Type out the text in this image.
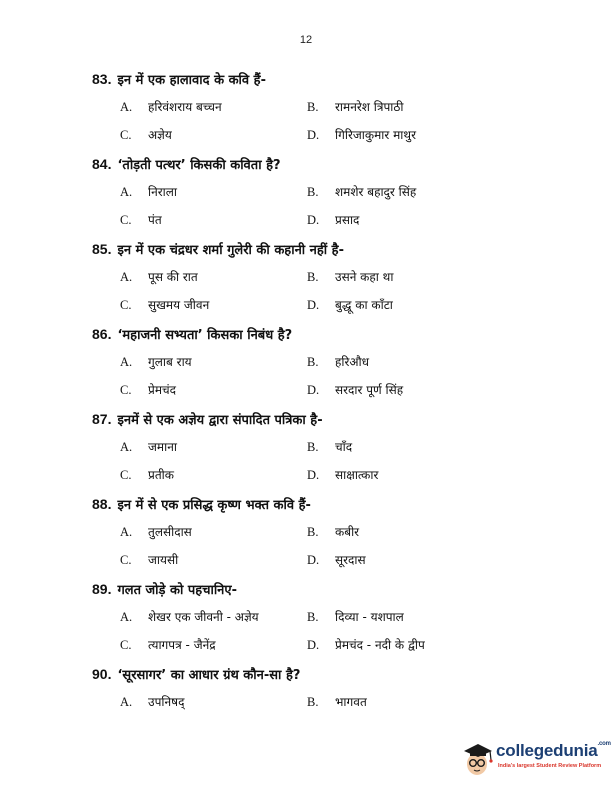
12
83. इन में एक हालावाद के कवि हैं-
A. हरिवंशराय बच्चन	B. रामनरेश त्रिपाठी
C. अज्ञेय	D. गिरिजाकुमार माथुर
84. ‘तोड़ती पत्थर’ किसकी कविता है?
A. निराला	B. शमशेर बहादुर सिंह
C. पंत	D. प्रसाद
85. इन में एक चंद्रधर शर्मा गुलेरी की कहानी नहीं है-
A. पूस की रात	B. उसने कहा था
C. सुखमय जीवन	D. बुद्धू का काँटा
86. ‘महाजनी सभ्यता’ किसका निबंध है?
A. गुलाब राय	B. हरिऔध
C. प्रेमचंद	D. सरदार पूर्ण सिंह
87. इनमें से एक अज्ञेय द्वारा संपादित पत्रिका है-
A. जमाना	B. चाँद
C. प्रतीक	D. साक्षात्कार
88. इन में से एक प्रसिद्ध कृष्ण भक्त कवि हैं-
A. तुलसीदास	B. कबीर
C. जायसी	D. सूरदास
89. गलत जोड़े को पहचानिए-
A. शेखर एक जीवनी - अज्ञेय	B. दिव्या - यशपाल
C. त्यागपत्र - जैनेंद्र	D. प्रेमचंद - नदी के द्वीप
90. ‘सूरसागर’ का आधार ग्रंथ कौन-सा है?
A. उपनिषद्	B. भागवत
collegedunia$^{.com}$
India's largest Student Review Platform
